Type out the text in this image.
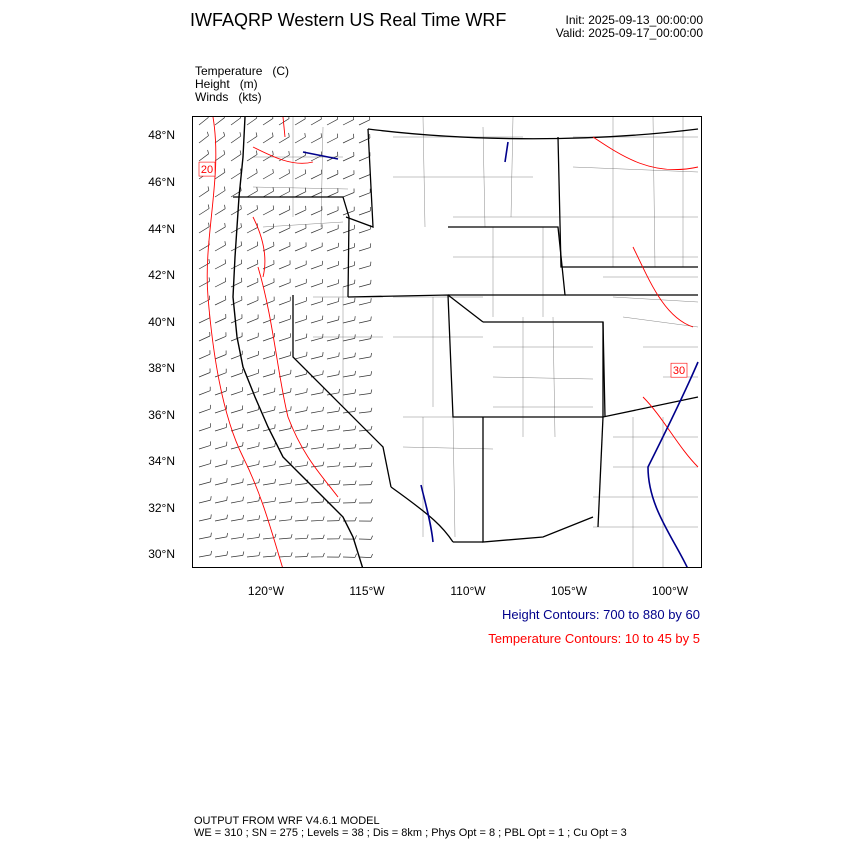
IWFAQRP Western US Real Time WRF	Init: 2025-09-13_00:00:00
Valid: 2025-09-17_00:00:00
Temperature (C)
Height (m)
Winds (kts)
20
30
48°N
46°N
44°N
42°N
40°N
38°N
36°N
34°N
32°N
30°N
120°W	115°W	110°W	105°W	100°W
Height Contours: 700 to 880 by 60
Temperature Contours: 10 to 45 by 5
OUTPUT FROM WRF V4.6.1 MODEL
WE = 310 ; SN = 275 ; Levels = 38 ; Dis = 8km ; Phys Opt = 8 ; PBL Opt = 1 ; Cu Opt = 3
